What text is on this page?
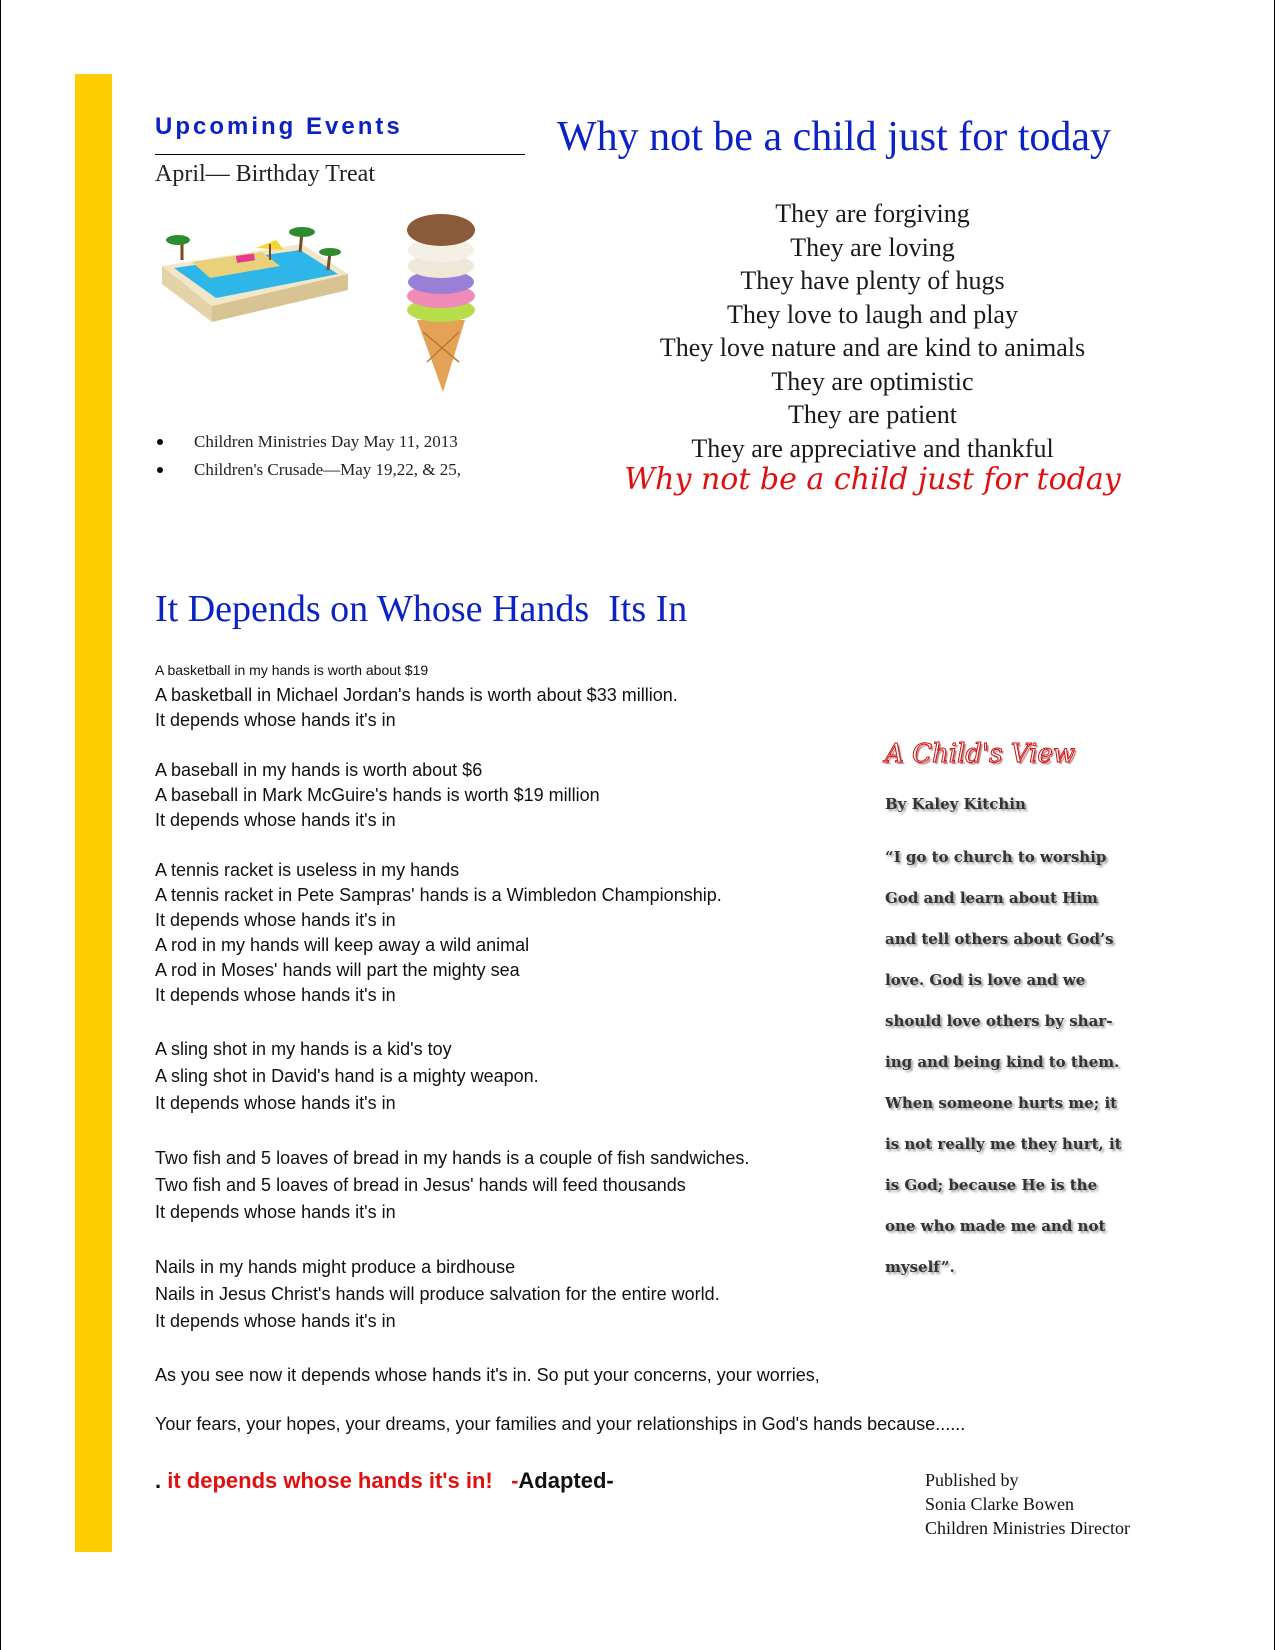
Upcoming Events
April— Birthday Treat
Children Ministries Day May 11, 2013
Children's Crusade—May 19,22, & 25,
Why not be a child just for today
They are forgiving
They are loving
They have plenty of hugs
They love to laugh and play
They love nature and are kind to animals
They are optimistic
They are patient
They are appreciative and thankful
Why not be a child just for today
It Depends on Whose Hands  Its In
A basketball in my hands is worth about $19
A basketball in Michael Jordan's hands is worth about $33 million.
It depends whose hands it's in
A baseball in my hands is worth about $6
A baseball in Mark McGuire's hands is worth $19 million
It depends whose hands it's in
A tennis racket is useless in my hands
A tennis racket in Pete Sampras' hands is a Wimbledon Championship.
It depends whose hands it's in
A rod in my hands will keep away a wild animal
A rod in Moses' hands will part the mighty sea
It depends whose hands it's in
A sling shot in my hands is a kid's toy
A sling shot in David's hand is a mighty weapon.
It depends whose hands it's in
Two fish and 5 loaves of bread in my hands is a couple of fish sandwiches.
Two fish and 5 loaves of bread in Jesus' hands will feed thousands
It depends whose hands it's in
Nails in my hands might produce a birdhouse
Nails in Jesus Christ's hands will produce salvation for the entire world.
It depends whose hands it's in
As you see now it depends whose hands it's in. So put your concerns, your worries,
Your fears, your hopes, your dreams, your families and your relationships in God's hands because......
. it depends whose hands it's in!   -Adapted-
A Child's View
By Kaley Kitchin
“I go to church to worship
God and learn about Him
and tell others about God’s
love. God is love and we
should love others by shar-
ing and being kind to them.
When someone hurts me; it
is not really me they hurt, it
is God; because He is the
one who made me and not
myself”.
Published by
Sonia Clarke Bowen
Children Ministries Director
